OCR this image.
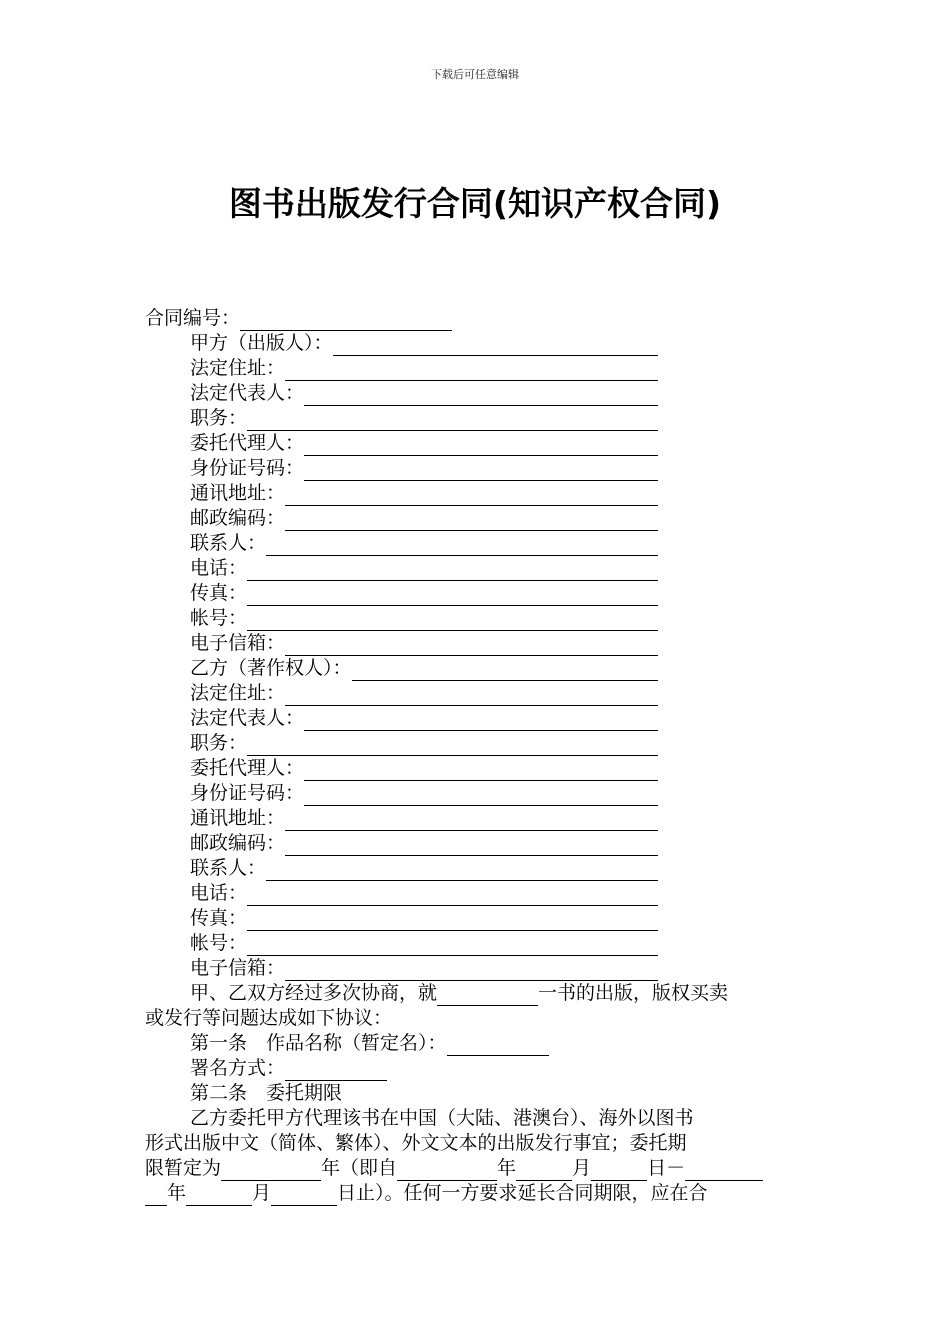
下载后可任意编辑
图书出版发行合同(知识产权合同)
合同编号：
甲方（出版人）：
法定住址：
法定代表人：
职务：
委托代理人：
身份证号码：
通讯地址：
邮政编码：
联系人：
电话：
传真：
帐号：
电子信箱：
乙方（著作权人）：
法定住址：
法定代表人：
职务：
委托代理人：
身份证号码：
通讯地址：
邮政编码：
联系人：
电话：
传真：
帐号：
电子信箱：
甲、乙双方经过多次协商，就	一书的出版，版权买卖
或发行等问题达成如下协议：
第一条　作品名称（暂定名）：
署名方式：
第二条　委托期限
乙方委托甲方代理该书在中国（大陆、港澳台）、海外以图书
形式出版中文（简体、繁体）、外文文本的出版发行事宜；委托期
限暂定为	年（即自	年	月	日－
年	月	日止）。任何一方要求延长合同期限，应在合
